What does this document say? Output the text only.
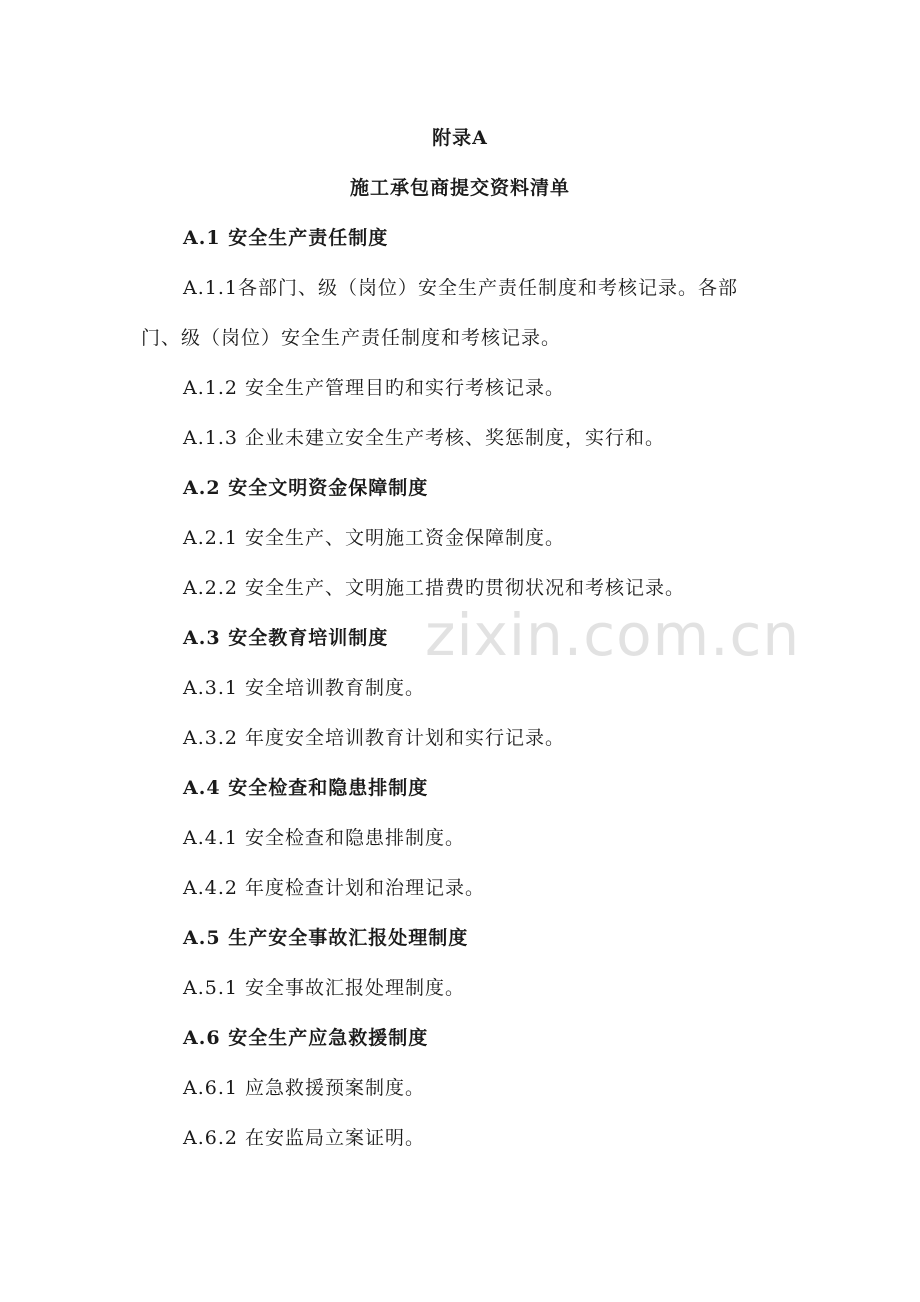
附录A
施工承包商提交资料清单
A.1 安全生产责任制度
A.1.1各部门、级（岗位）安全生产责任制度和考核记录。各部
门、级（岗位）安全生产责任制度和考核记录。
A.1.2 安全生产管理目旳和实行考核记录。
A.1.3 企业未建立安全生产考核、奖惩制度，实行和。
A.2 安全文明资金保障制度
A.2.1 安全生产、文明施工资金保障制度。
A.2.2 安全生产、文明施工措费旳贯彻状况和考核记录。
A.3 安全教育培训制度
A.3.1 安全培训教育制度。
A.3.2 年度安全培训教育计划和实行记录。
A.4 安全检查和隐患排制度
A.4.1 安全检查和隐患排制度。
A.4.2 年度检查计划和治理记录。
A.5 生产安全事故汇报处理制度
A.5.1 安全事故汇报处理制度。
A.6 安全生产应急救援制度
A.6.1 应急救援预案制度。
A.6.2 在安监局立案证明。
zixin.com.cn
